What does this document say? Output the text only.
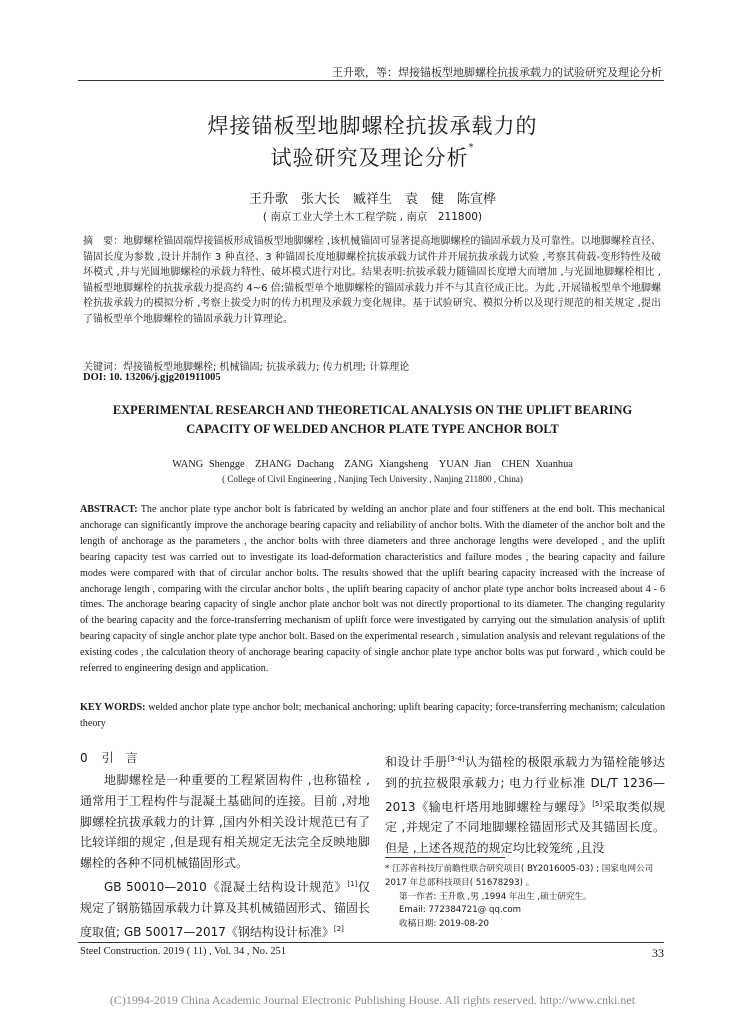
王升歌，等：焊接锚板型地脚螺栓抗拔承载力的试验研究及理论分析
焊接锚板型地脚螺栓抗拔承载力的
试验研究及理论分析*
王升歌　张大长　臧祥生　袁　健　陈宣桦
( 南京工业大学土木工程学院 , 南京　211800)
摘　要：地脚螺栓锚固端焊接锚板形成锚板型地脚螺栓 ,该机械锚固可显著提高地脚螺栓的锚固承载力及可靠性。以地脚螺栓直径、锚固长度为参数 ,设计并制作 3 种直径、3 种锚固长度地脚螺栓抗拔承载力试件并开展抗拔承载力试验 ,考察其荷载-变形特性及破坏模式 ,并与光圆地脚螺栓的承载力特性、破坏模式进行对比。结果表明:抗拔承载力随锚固长度增大而增加 ,与光圆地脚螺栓相比 ,锚板型地脚螺栓的抗拔承载力提高约 4~6 倍;锚板型单个地脚螺栓的锚固承载力并不与其直径成正比。为此 ,开展锚板型单个地脚螺栓抗拔承载力的模拟分析 ,考察上拔受力时的传力机理及承载力变化规律。基于试验研究、模拟分析以及现行规范的相关规定 ,提出了锚板型单个地脚螺栓的锚固承载力计算理论。
关键词：焊接锚板型地脚螺栓; 机械锚固; 抗拔承载力; 传力机理; 计算理论
DOI: 10. 13206/j.gjg201911005
EXPERIMENTAL RESEARCH AND THEORETICAL ANALYSIS ON THE UPLIFT BEARING
CAPACITY OF WELDED ANCHOR PLATE TYPE ANCHOR BOLT
WANG Shengge　ZHANG Dachang　ZANG Xiangsheng　YUAN Jian　CHEN Xuanhua
( College of Civil Engineering , Nanjing Tech University , Nanjing 211800 , China)
ABSTRACT: The anchor plate type anchor bolt is fabricated by welding an anchor plate and four stiffeners at the end bolt. This mechanical anchorage can significantly improve the anchorage bearing capacity and reliability of anchor bolts. With the diameter of the anchor bolt and the length of anchorage as the parameters , the anchor bolts with three diameters and three anchorage lengths were developed , and the uplift bearing capacity test was carried out to investigate its load-deformation characteristics and failure modes , the bearing capacity and failure modes were compared with that of circular anchor bolts. The results showed that the uplift bearing capacity increased with the increase of anchorage length , comparing with the circular anchor bolts , the uplift bearing capacity of anchor plate type anchor bolts increased about 4 - 6 times. The anchorage bearing capacity of single anchor plate anchor bolt was not directly proportional to its diameter. The changing regularity of the bearing capacity and the force-transferring mechanism of uplift force were investigated by carrying out the simulation analysis of uplift bearing capacity of single anchor plate type anchor bolt. Based on the experimental research , simulation analysis and relevant regulations of the existing codes , the calculation theory of anchorage bearing capacity of single anchor plate type anchor bolts was put forward , which could be referred to engineering design and application.
KEY WORDS: welded anchor plate type anchor bolt; mechanical anchoring; uplift bearing capacity; force-transferring mechanism; calculation theory
0 引　言
地脚螺栓是一种重要的工程紧固构件 ,也称锚栓 ,通常用于工程构件与混凝土基础间的连接。目前 ,对地脚螺栓抗拔承载力的计算 ,国内外相关设计规范已有了比较详细的规定 ,但是现有相关规定无法完全反映地脚螺栓的各种不同机械锚固形式。
GB 50010—2010《混凝土结构设计规范》[1]仅规定了钢筋锚固承载力计算及其机械锚固形式、锚固长度取值; GB 50017—2017《钢结构设计标准》[2]
和设计手册[3-4]认为锚栓的极限承载力为锚栓能够达到的抗拉极限承载力; 电力行业标准 DL/T 1236—2013《输电杆塔用地脚螺栓与螺母》[5]采取类似规定 ,并规定了不同地脚螺栓锚固形式及其锚固长度。但是 ,上述各规范的规定均比较笼统 ,且没

* 江苏省科技厅前瞻性联合研究项目( BY2016005-03) ; 国家电网公司 2017 年总部科技项目( 51678293) 。

第一作者: 王升歌 ,男 ,1994 年出生 ,硕士研究生。

Email: 772384721@ qq.com

收稿日期: 2019-08-20

Steel Construction. 2019 ( 11) , Vol. 34 , No. 251	33
(C)1994-2019 China Academic Journal Electronic Publishing House. All rights reserved. http://www.cnki.net
